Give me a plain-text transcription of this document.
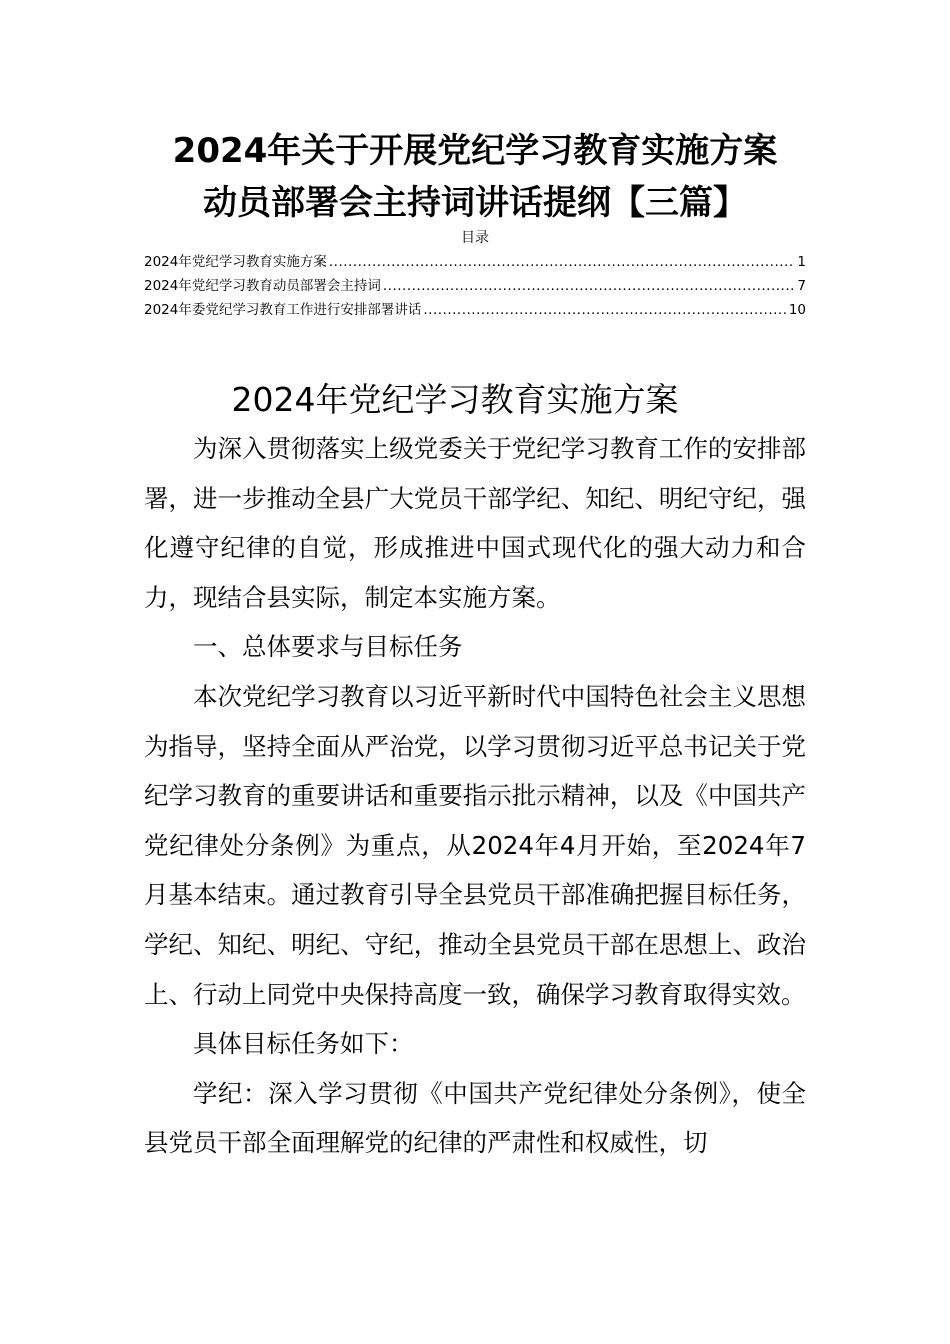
2024年关于开展党纪学习教育实施方案
动员部署会主持词讲话提纲【三篇】
目录
2024年党纪学习教育实施方案 .....	1
2024年党纪学习教育动员部署会主持词 .....	7
2024年委党纪学习教育工作进行安排部署讲话 .....	10
2024年党纪学习教育实施方案

为深入贯彻落实上级党委关于党纪学习教育工作的安排部署，进一步推动全县广大党员干部学纪、知纪、明纪守纪，强化遵守纪律的自觉，形成推进中国式现代化的强大动力和合力，现结合县实际，制定本实施方案。

一、总体要求与目标任务

本次党纪学习教育以习近平新时代中国特色社会主义思想为指导，坚持全面从严治党，以学习贯彻习近平总书记关于党纪学习教育的重要讲话和重要指示批示精神，以及《中国共产党纪律处分条例》为重点，从2024年4月开始，至2024年7月基本结束。通过教育引导全县党员干部准确把握目标任务，学纪、知纪、明纪、守纪，推动全县党员干部在思想上、政治上、行动上同党中央保持高度一致，确保学习教育取得实效。

具体目标任务如下：

学纪：深入学习贯彻《中国共产党纪律处分条例》，使全县党员干部全面理解党的纪律的严肃性和权威性，切
